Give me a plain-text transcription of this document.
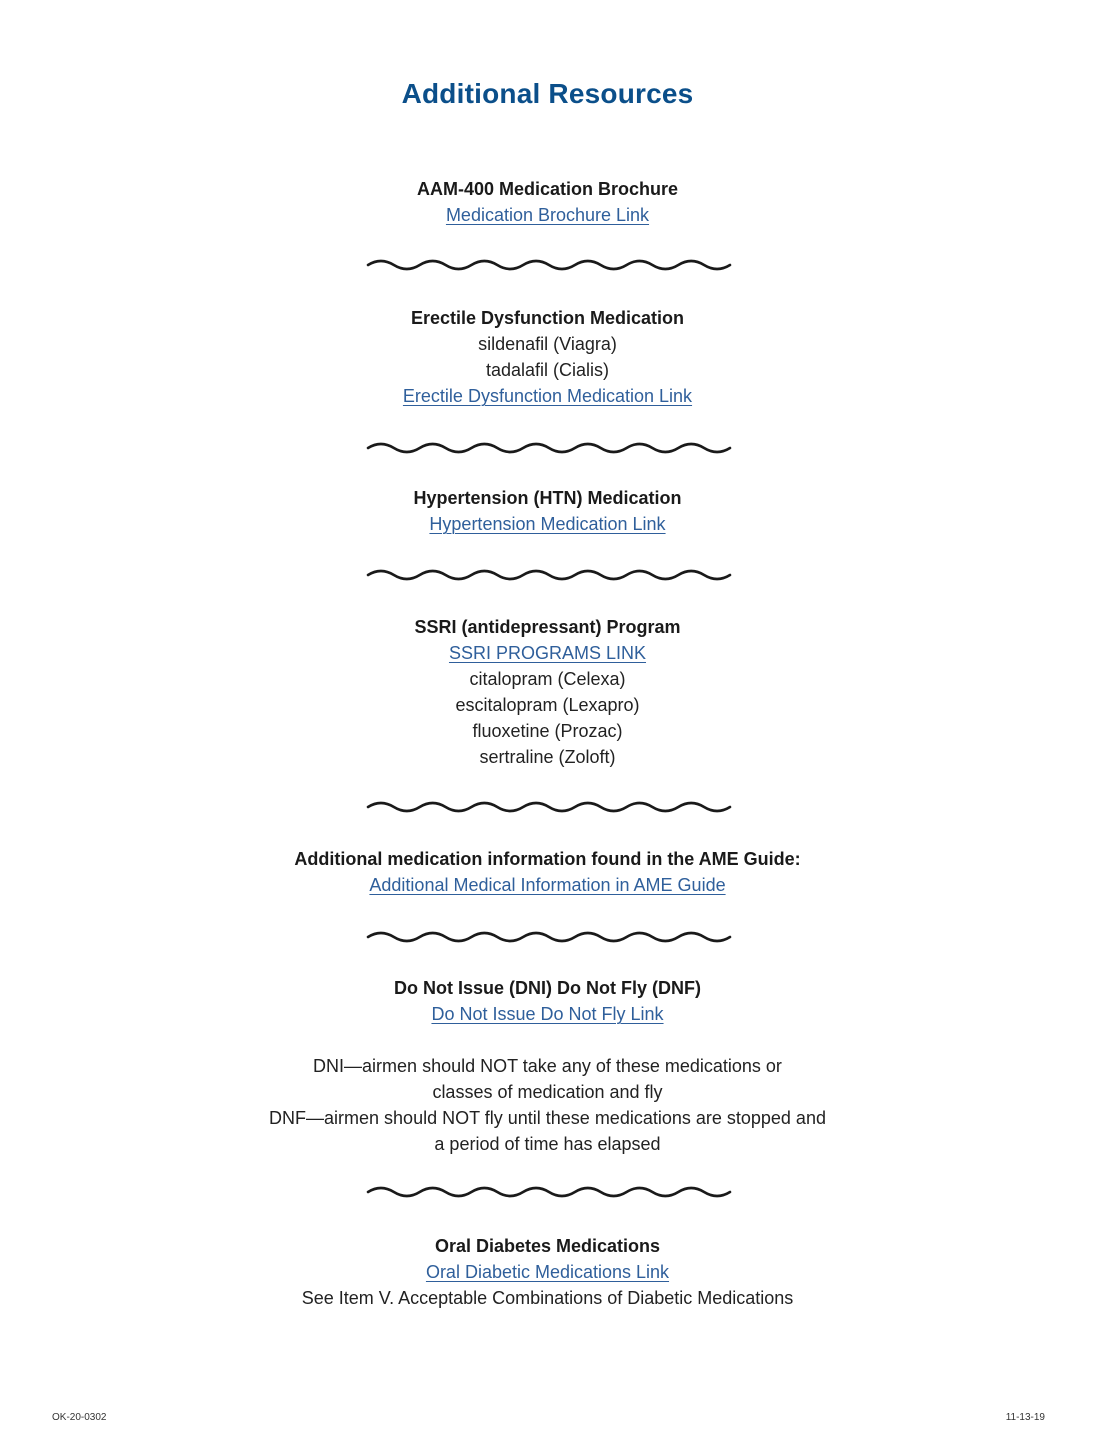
Additional Resources
AAM-400 Medication Brochure
Medication Brochure Link
Erectile Dysfunction Medication
sildenafil (Viagra)
tadalafil (Cialis)
Erectile Dysfunction Medication Link
Hypertension (HTN) Medication
Hypertension Medication Link
SSRI (antidepressant) Program
SSRI PROGRAMS LINK
citalopram (Celexa)
escitalopram (Lexapro)
fluoxetine (Prozac)
sertraline (Zoloft)
Additional medication information found in the AME Guide:
Additional Medical Information in AME Guide
Do Not Issue (DNI) Do Not Fly (DNF)
Do Not Issue Do Not Fly Link
DNI—airmen should NOT take any of these medications or
classes of medication and fly
DNF—airmen should NOT fly until these medications are stopped and
a period of time has elapsed
Oral Diabetes Medications
Oral Diabetic Medications Link
See Item V. Acceptable Combinations of Diabetic Medications
OK-20-0302	11-13-19
